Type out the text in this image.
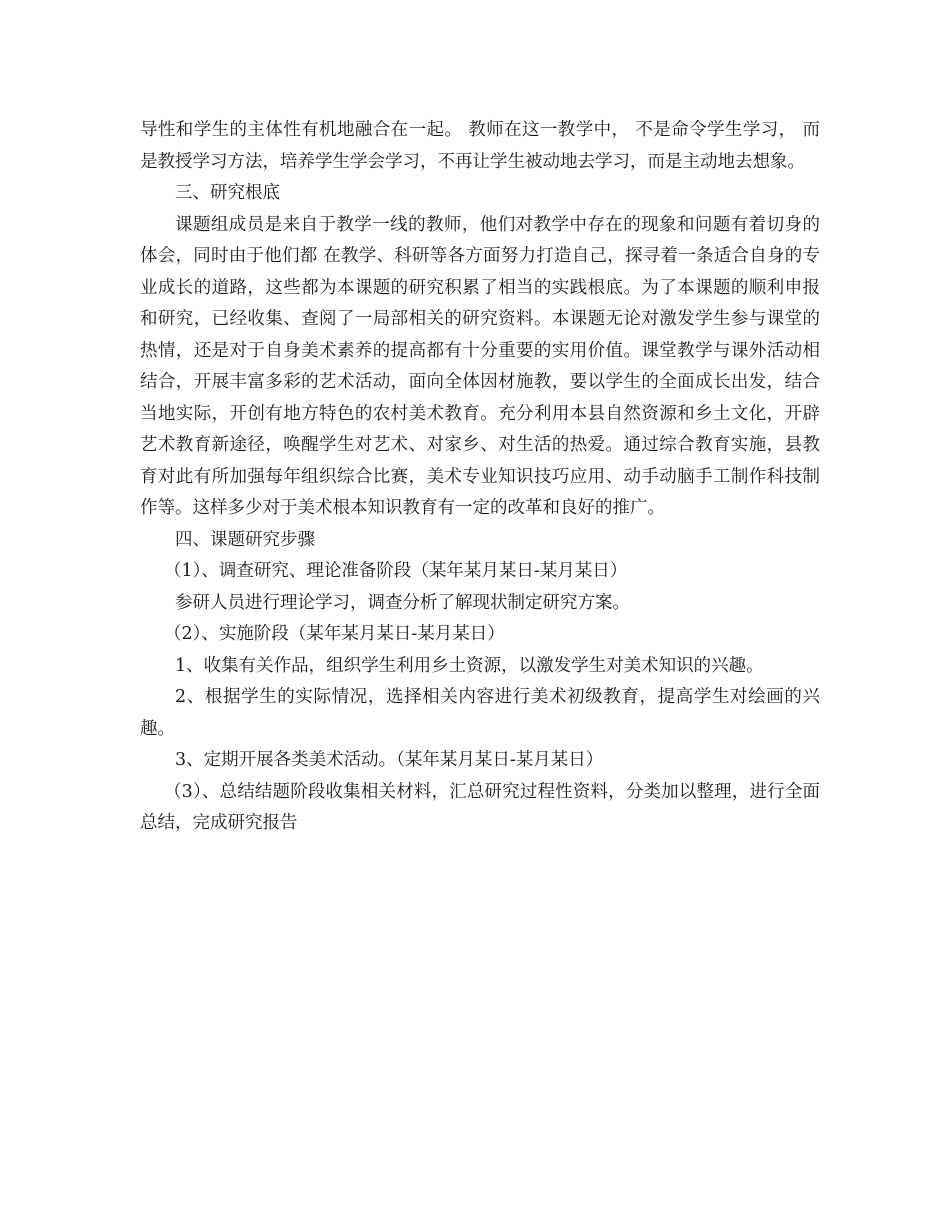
导性和学生的主体性有机地融合在一起。 教师在这一教学中， 不是命令学生学习， 而是教授学习方法，培养学生学会学习，不再让学生被动地去学习，而是主动地去想象。

三、研究根底

课题组成员是来自于教学一线的教师，他们对教学中存在的现象和问题有着切身的体会，同时由于他们都 在教学、科研等各方面努力打造自己，探寻着一条适合自身的专业成长的道路，这些都为本课题的研究积累了相当的实践根底。为了本课题的顺利申报和研究，已经收集、查阅了一局部相关的研究资料。本课题无论对激发学生参与课堂的热情，还是对于自身美术素养的提高都有十分重要的实用价值。课堂教学与课外活动相结合，开展丰富多彩的艺术活动，面向全体因材施教，要以学生的全面成长出发，结合当地实际，开创有地方特色的农村美术教育。充分利用本县自然资源和乡土文化，开辟艺术教育新途径，唤醒学生对艺术、对家乡、对生活的热爱。通过综合教育实施，县教育对此有所加强每年组织综合比赛，美术专业知识技巧应用、动手动脑手工制作科技制作等。这样多少对于美术根本知识教育有一定的改革和良好的推广。

四、课题研究步骤

（1）、调查研究、理论准备阶段（某年某月某日-某月某日）

参研人员进行理论学习，调查分析了解现状制定研究方案。

（2）、实施阶段（某年某月某日-某月某日）

1、收集有关作品，组织学生利用乡土资源，以激发学生对美术知识的兴趣。

2、根据学生的实际情况，选择相关内容进行美术初级教育，提高学生对绘画的兴趣。

3、定期开展各类美术活动。（某年某月某日-某月某日）

（3）、总结结题阶段收集相关材料，汇总研究过程性资料，分类加以整理，进行全面总结，完成研究报告
